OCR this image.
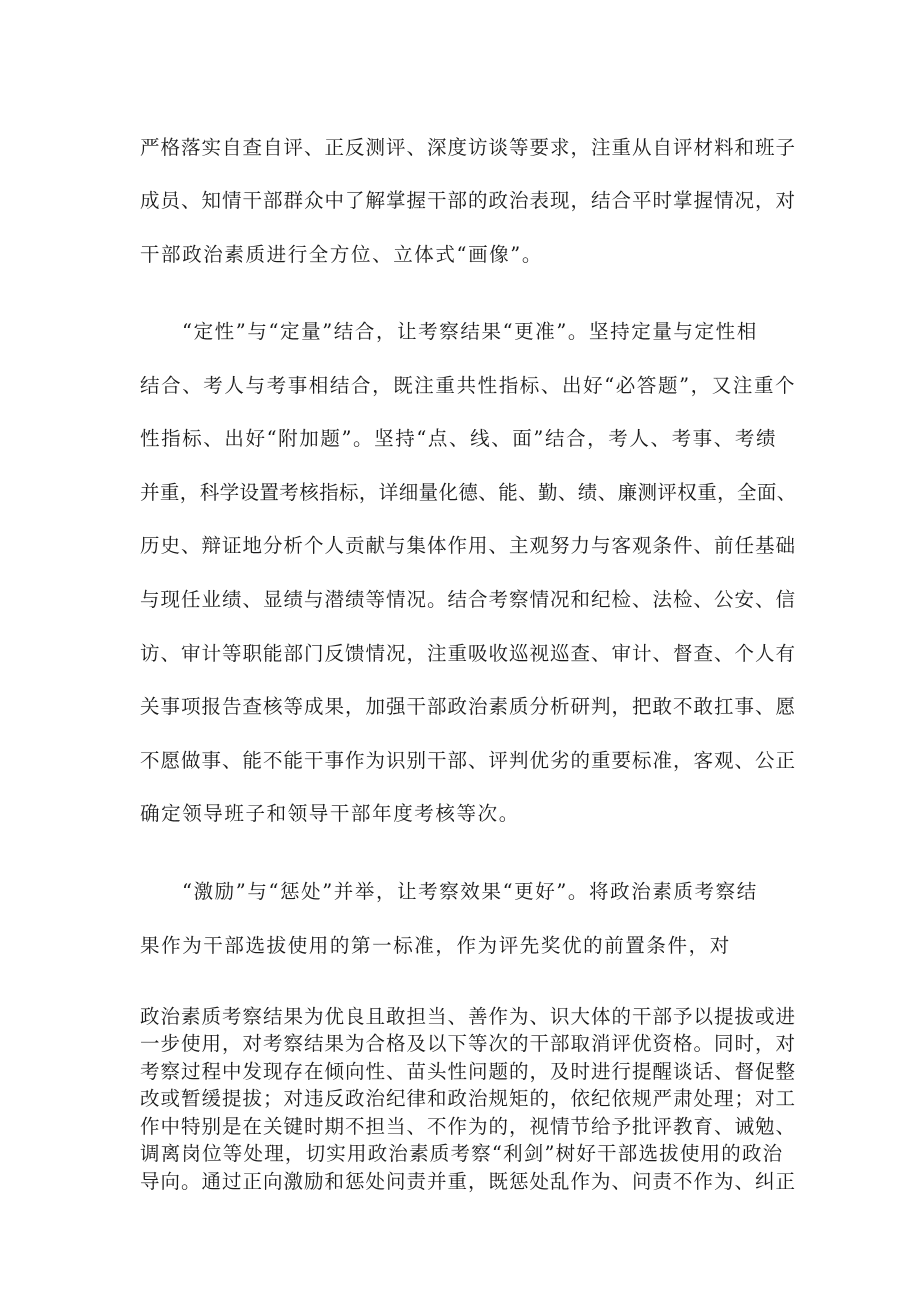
严格落实自查自评、正反测评、深度访谈等要求，注重从自评材料和班子

成员、知情干部群众中了解掌握干部的政治表现，结合平时掌握情况，对

干部政治素质进行全方位、立体式“画像”。

“定性”与“定量”结合，让考察结果“更准”。坚持定量与定性相

结合、考人与考事相结合，既注重共性指标、出好“必答题”，又注重个

性指标、出好“附加题”。坚持“点、线、面”结合，考人、考事、考绩

并重，科学设置考核指标，详细量化德、能、勤、绩、廉测评权重，全面、

历史、辩证地分析个人贡献与集体作用、主观努力与客观条件、前任基础

与现任业绩、显绩与潜绩等情况。结合考察情况和纪检、法检、公安、信

访、审计等职能部门反馈情况，注重吸收巡视巡查、审计、督查、个人有

关事项报告查核等成果，加强干部政治素质分析研判，把敢不敢扛事、愿

不愿做事、能不能干事作为识别干部、评判优劣的重要标准，客观、公正

确定领导班子和领导干部年度考核等次。

“激励”与“惩处”并举，让考察效果“更好”。将政治素质考察结

果作为干部选拔使用的第一标准，作为评先奖优的前置条件，对

政治素质考察结果为优良且敢担当、善作为、识大体的干部予以提拔或进

一步使用，对考察结果为合格及以下等次的干部取消评优资格。同时，对

考察过程中发现存在倾向性、苗头性问题的，及时进行提醒谈话、督促整

改或暂缓提拔；对违反政治纪律和政治规矩的，依纪依规严肃处理；对工

作中特别是在关键时期不担当、不作为的，视情节给予批评教育、诫勉、

调离岗位等处理，切实用政治素质考察“利剑”树好干部选拔使用的政治

导向。通过正向激励和惩处问责并重，既惩处乱作为、问责不作为、纠正
